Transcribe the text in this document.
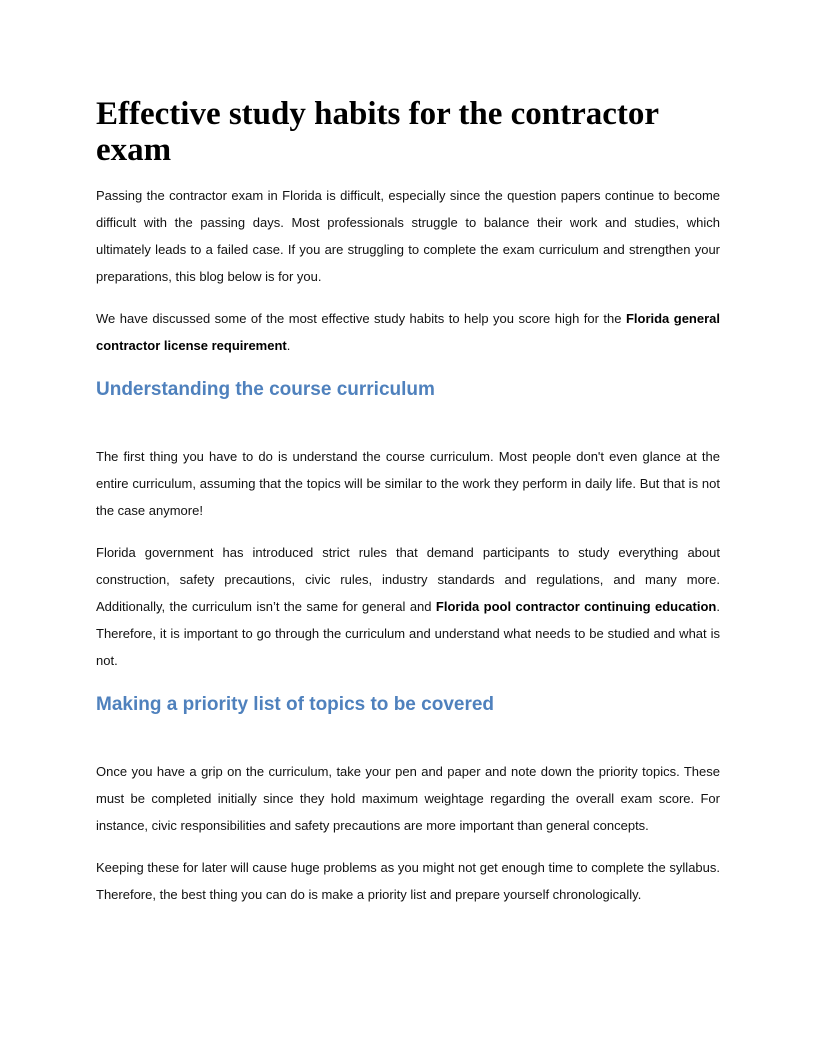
Effective study habits for the contractor exam

Passing the contractor exam in Florida is difficult, especially since the question papers continue to become difficult with the passing days. Most professionals struggle to balance their work and studies, which ultimately leads to a failed case. If you are struggling to complete the exam curriculum and strengthen your preparations, this blog below is for you.

We have discussed some of the most effective study habits to help you score high for the Florida general contractor license requirement.

Understanding the course curriculum

The first thing you have to do is understand the course curriculum. Most people don't even glance at the entire curriculum, assuming that the topics will be similar to the work they perform in daily life. But that is not the case anymore!

Florida government has introduced strict rules that demand participants to study everything about construction, safety precautions, civic rules, industry standards and regulations, and many more. Additionally, the curriculum isn’t the same for general and Florida pool contractor continuing education. Therefore, it is important to go through the curriculum and understand what needs to be studied and what is not.

Making a priority list of topics to be covered

Once you have a grip on the curriculum, take your pen and paper and note down the priority topics. These must be completed initially since they hold maximum weightage regarding the overall exam score. For instance, civic responsibilities and safety precautions are more important than general concepts.

Keeping these for later will cause huge problems as you might not get enough time to complete the syllabus. Therefore, the best thing you can do is make a priority list and prepare yourself chronologically.
